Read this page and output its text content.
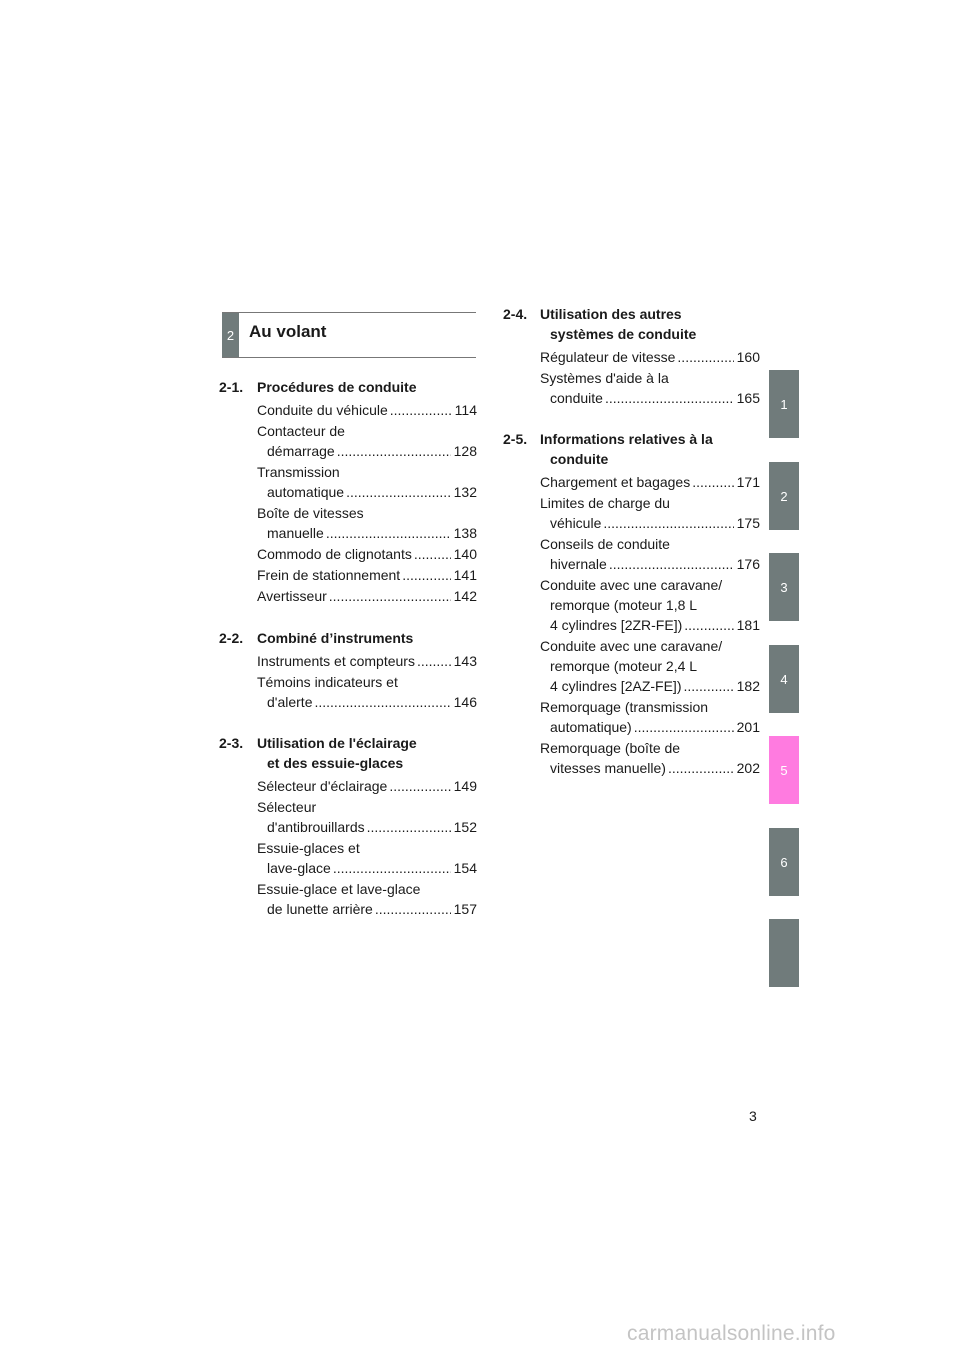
2 Au volant
2-1. Procédures de conduite
Conduite du véhicule .....	114
Contacteur de
démarrage .....	128
Transmission
automatique .....	132
Boîte de vitesses
manuelle .....	138
Commodo de clignotants .....	140
Frein de stationnement .....	141
Avertisseur .....	142
2-2. Combiné d’instruments
Instruments et compteurs .....	143
Témoins indicateurs et
d'alerte .....	146
2-3. Utilisation de l'éclairage
et des essuie-glaces
Sélecteur d'éclairage .....	149
Sélecteur
d'antibrouillards .....	152
Essuie-glaces et
lave-glace .....	154
Essuie-glace et lave-glace
de lunette arrière .....	157
2-4. Utilisation des autres
systèmes de conduite
Régulateur de vitesse .....	160
Systèmes d'aide à la
conduite .....	165
2-5. Informations relatives à la
conduite
Chargement et bagages .....	171
Limites de charge du
véhicule .....	175
Conseils de conduite
hivernale .....	176
Conduite avec une caravane/
remorque (moteur 1,8 L
4 cylindres [2ZR-FE]) .....	181
Conduite avec une caravane/
remorque (moteur 2,4 L
4 cylindres [2AZ-FE]) .....	182
Remorquage (transmission
automatique) .....	201
Remorquage (boîte de
vitesses manuelle) .....	202
1
2
3
4
5
6
3
carmanualsonline.info
